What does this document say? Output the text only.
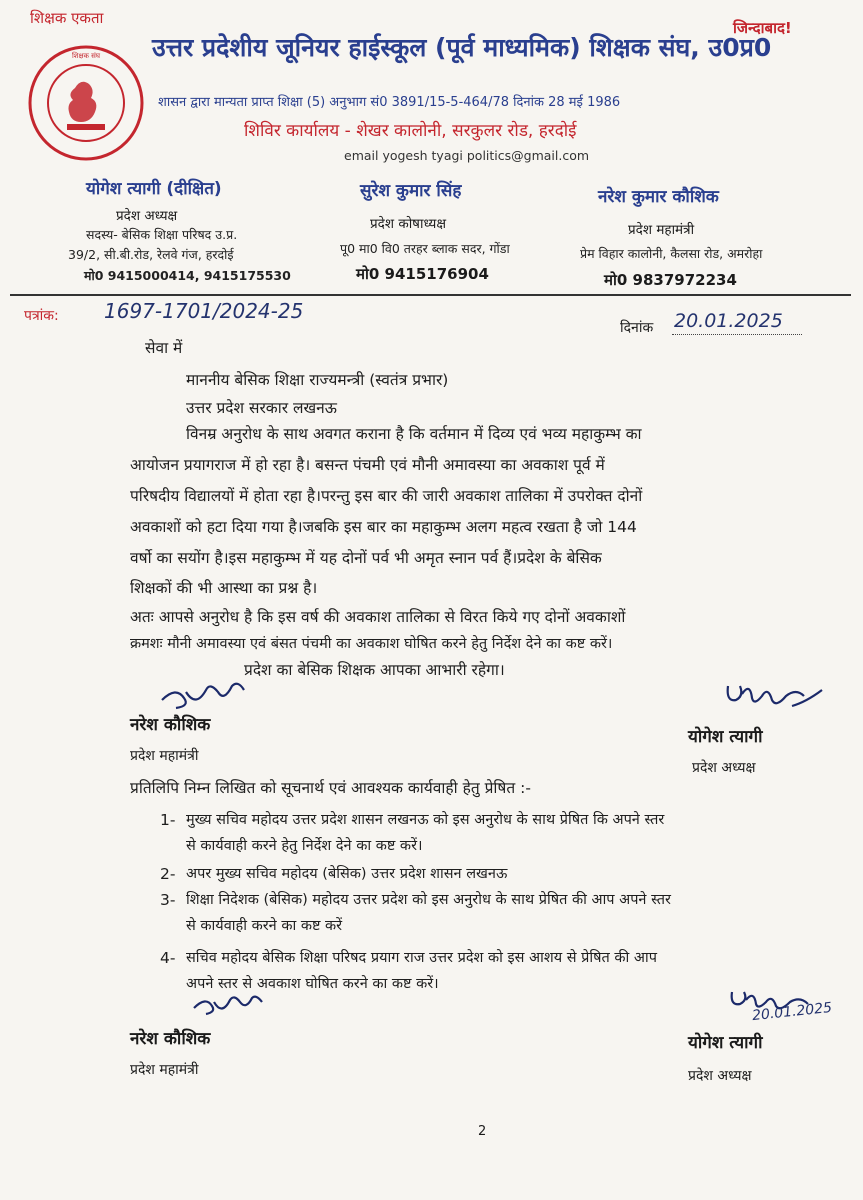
शिक्षक एकता
जिन्दाबाद!
शिक्षक संघ उत्तर प्रदेशीय जूनियर हाईस्कूल (पूर्व माध्यमिक) शिक्षक संघ, उ0प्र0
शासन द्वारा मान्यता प्राप्त शिक्षा (5) अनुभाग सं0 3891/15-5-464/78 दिनांक 28 मई 1986
शिविर कार्यालय - शेखर कालोनी, सरकुलर रोड, हरदोई
email yogesh tyagi politics@gmail.com
योगेश त्यागी (दीक्षित)
प्रदेश अध्यक्ष
सदस्य- बेसिक शिक्षा परिषद उ.प्र.
39/2, सी.बी.रोड, रेलवे गंज, हरदोई
मो0 9415000414, 9415175530
सुरेश कुमार सिंह
प्रदेश कोषाध्यक्ष
पू0 मा0 वि0 तरहर ब्लाक सदर, गोंडा
मो0 9415176904
नरेश कुमार कौशिक
प्रदेश महामंत्री
प्रेम विहार कालोनी, कैलसा रोड, अमरोहा
मो0 9837972234
पत्रांक: 1697-1701/2024-25
दिनांक 20.01.2025
सेवा में
माननीय बेसिक शिक्षा राज्यमन्त्री (स्वतंत्र प्रभार)
उत्तर प्रदेश सरकार लखनऊ
विनम्र अनुरोध के साथ अवगत कराना है कि वर्तमान में दिव्य एवं भव्य महाकुम्भ का
आयोजन प्रयागराज में हो रहा है। बसन्त पंचमी एवं मौनी अमावस्या का अवकाश पूर्व में
परिषदीय विद्यालयों में होता रहा है।परन्तु इस बार की जारी अवकाश तालिका में उपरोक्त दोनों
अवकाशों को हटा दिया गया है।जबकि इस बार का महाकुम्भ अलग महत्व रखता है जो 144
वर्षो का सयोंग है।इस महाकुम्भ में यह दोनों पर्व भी अमृत स्नान पर्व हैं।प्रदेश के बेसिक
शिक्षकों की भी आस्था का प्रश्न है।
अतः आपसे अनुरोध है कि इस वर्ष की अवकाश तालिका से विरत किये गए दोनों अवकाशों
क्रमशः मौनी अमावस्या एवं बंसत पंचमी का अवकाश घोषित करने हेतु निर्देश देने का कष्ट करें।
प्रदेश का बेसिक शिक्षक आपका आभारी रहेगा।
नरेश कौशिक
प्रदेश महामंत्री
योगेश त्यागी
प्रदेश अध्यक्ष
प्रतिलिपि निम्न लिखित को सूचनार्थ एवं आवश्यक कार्यवाही हेतु प्रेषित :-
1- मुख्य सचिव महोदय उत्तर प्रदेश शासन लखनऊ को इस अनुरोध के साथ प्रेषित कि अपने स्तर
से कार्यवाही करने हेतु निर्देश देने का कष्ट करें।
2- अपर मुख्य सचिव महोदय (बेसिक) उत्तर प्रदेश शासन लखनऊ
3- शिक्षा निदेशक (बेसिक) महोदय उत्तर प्रदेश को इस अनुरोध के साथ प्रेषित की आप अपने स्तर
से कार्यवाही करने का कष्ट करें
4- सचिव महोदय बेसिक शिक्षा परिषद प्रयाग राज उत्तर प्रदेश को इस आशय से प्रेषित की आप
अपने स्तर से अवकाश घोषित करने का कष्ट करें।
नरेश कौशिक
प्रदेश महामंत्री
20.01.2025
योगेश त्यागी
प्रदेश अध्यक्ष
2
